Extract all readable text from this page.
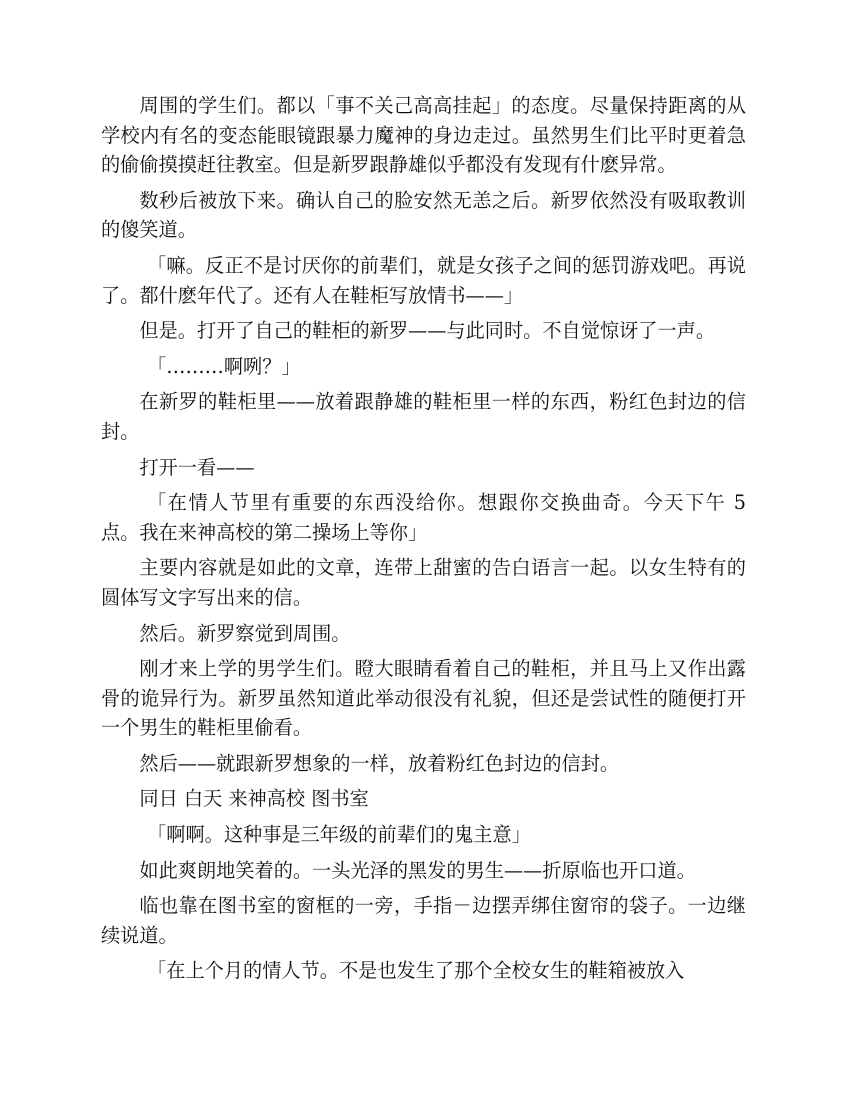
周围的学生们。都以「事不关己高高挂起」的态度。尽量保持距离的从学校内有名的变态能眼镜跟暴力魔神的身边走过。虽然男生们比平时更着急的偷偷摸摸赶往教室。但是新罗跟静雄似乎都没有发现有什麽异常。

数秒后被放下来。确认自己的脸安然无恙之后。新罗依然没有吸取教训的傻笑道。

「嘛。反正不是讨厌你的前辈们，就是女孩子之间的惩罚游戏吧。再说了。都什麽年代了。还有人在鞋柜写放情书——」

但是。打开了自己的鞋柜的新罗——与此同时。不自觉惊讶了一声。

「………啊咧？」

在新罗的鞋柜里——放着跟静雄的鞋柜里一样的东西，粉红色封边的信封。

打开一看——

「在情人节里有重要的东西没给你。想跟你交换曲奇。今天下午 5 点。我在来神高校的第二操场上等你」

主要内容就是如此的文章，连带上甜蜜的告白语言一起。以女生特有的圆体写文字写出来的信。

然后。新罗察觉到周围。

刚才来上学的男学生们。瞪大眼睛看着自己的鞋柜，并且马上又作出露骨的诡异行为。新罗虽然知道此举动很没有礼貌，但还是尝试性的随便打开一个男生的鞋柜里偷看。

然后——就跟新罗想象的一样，放着粉红色封边的信封。

同日 白天 来神高校 图书室

「啊啊。这种事是三年级的前辈们的鬼主意」

如此爽朗地笑着的。一头光泽的黑发的男生——折原临也开口道。

临也靠在图书室的窗框的一旁，手指－边摆弄绑住窗帘的袋子。一边继续说道。

「在上个月的情人节。不是也发生了那个全校女生的鞋箱被放入
